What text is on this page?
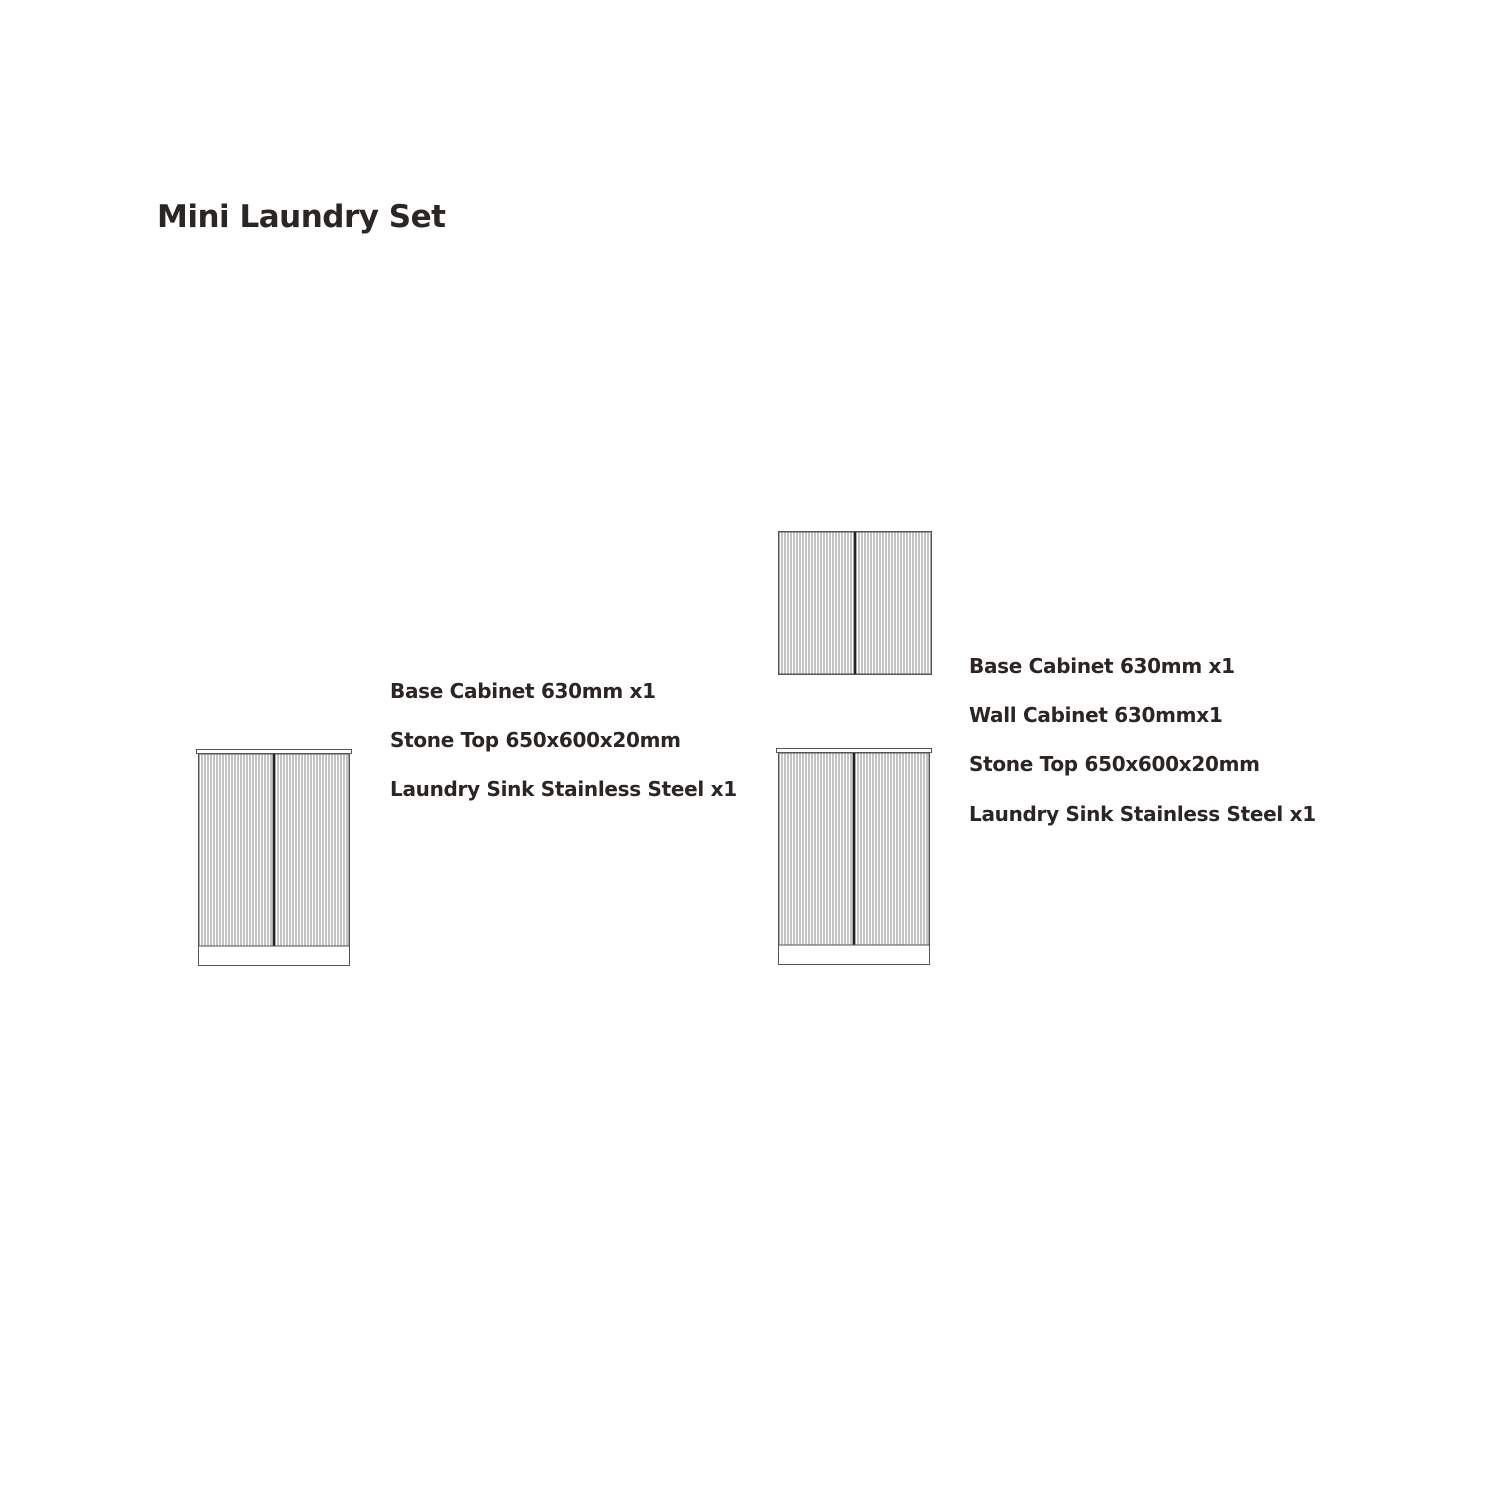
Mini Laundry Set
Base Cabinet 630mm x1
Stone Top 650x600x20mm
Laundry Sink Stainless Steel x1
Base Cabinet 630mm x1
Wall Cabinet 630mmx1
Stone Top 650x600x20mm
Laundry Sink Stainless Steel x1
